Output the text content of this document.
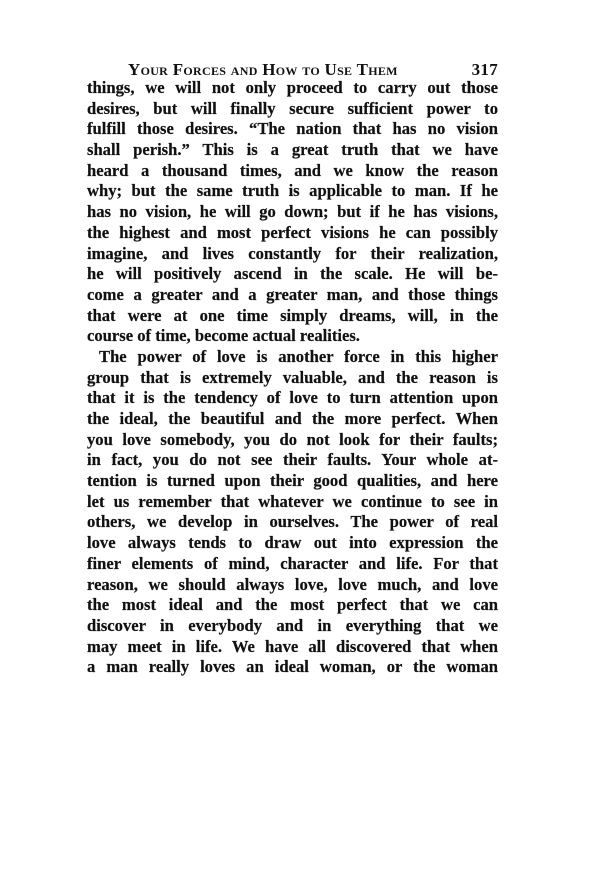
Your Forces and How to Use Them	317
things, we will not only proceed to carry out those
desires, but will finally secure sufficient power to
fulfill those desires. “The nation that has no vision
shall perish.” This is a great truth that we have
heard a thousand times, and we know the reason
why; but the same truth is applicable to man. If he
has no vision, he will go down; but if he has visions,
the highest and most perfect visions he can possibly
imagine, and lives constantly for their realization,
he will positively ascend in the scale. He will be-
come a greater and a greater man, and those things
that were at one time simply dreams, will, in the
course of time, become actual realities.
The power of love is another force in this higher
group that is extremely valuable, and the reason is
that it is the tendency of love to turn attention upon
the ideal, the beautiful and the more perfect. When
you love somebody, you do not look for their faults;
in fact, you do not see their faults. Your whole at-
tention is turned upon their good qualities, and here
let us remember that whatever we continue to see in
others, we develop in ourselves. The power of real
love always tends to draw out into expression the
finer elements of mind, character and life. For that
reason, we should always love, love much, and love
the most ideal and the most perfect that we can
discover in everybody and in everything that we
may meet in life. We have all discovered that when
a man really loves an ideal woman, or the woman
